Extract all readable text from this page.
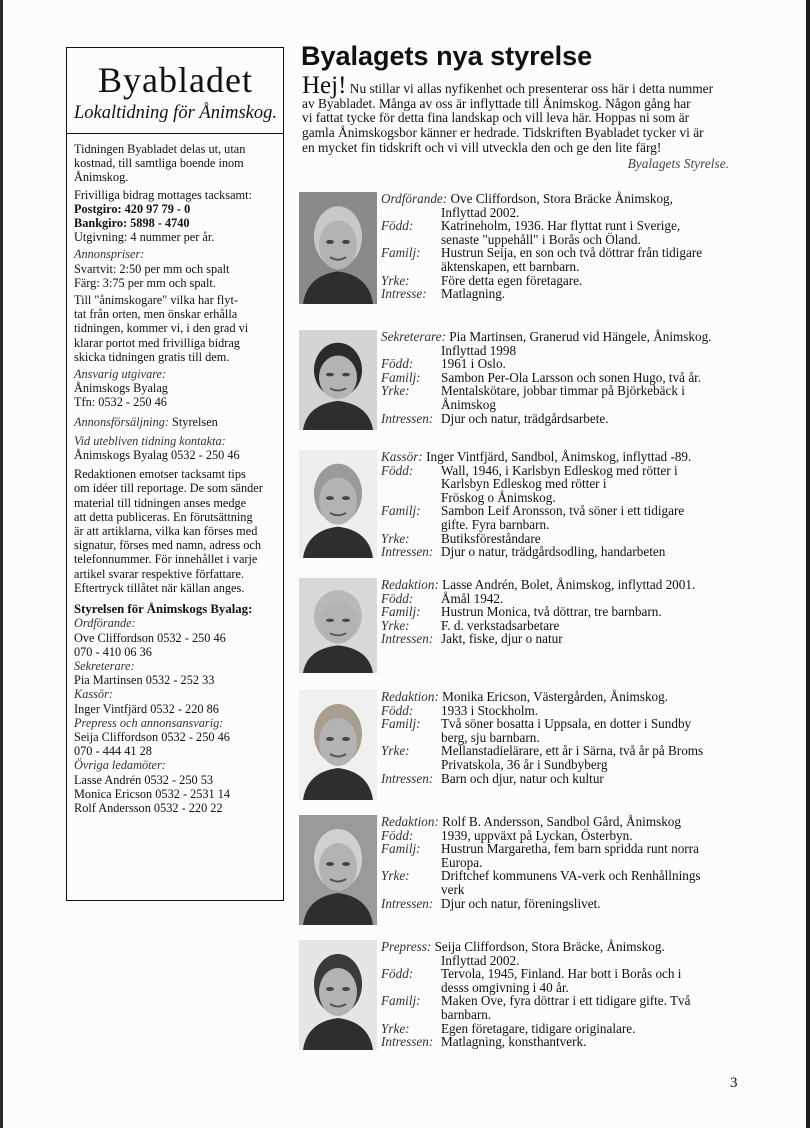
Byabladet
Lokaltidning för Ånimskog.

Tidningen Byabladet delas ut, utan
kostnad, till samtliga boende inom
Ånimskog.

Frivilliga bidrag mottages tacksamt:

Postgiro: 420 97 79 - 0

Bankgiro: 5898 - 4740

Utgivning: 4 nummer per år.

Annonspriser:

Svartvit: 2:50 per mm och spalt

Färg: 3:75 per mm och spalt.

Till "ånimskogare" vilka har flyt-
tat från orten, men önskar erhålla
tidningen, kommer vi, i den grad vi
klarar portot med frivilliga bidrag
skicka tidningen gratis till dem.

Ansvarig utgivare:

Ånimskogs Byalag

Tfn: 0532 - 250 46

Annonsförsäljning: Styrelsen

Vid utebliven tidning kontakta:

Ånimskogs Byalag 0532 - 250 46

Redaktionen emotser tacksamt tips
om idéer till reportage. De som sänder
material till tidningen anses medge
att detta publiceras. En förutsättning
är att artiklarna, vilka kan förses med
signatur, förses med namn, adress och
telefonnummer. För innehållet i varje
artikel svarar respektive författare.
Eftertryck tillåtet när källan anges.

Styrelsen för Ånimskogs Byalag:

Ordförande:

Ove Cliffordson 0532 - 250 46
070 - 410 06 36

Sekreterare:

Pia Martinsen 0532 - 252 33

Kassör:

Inger Vintfjärd 0532 - 220 86

Prepress och annonsansvarig:

Seija Cliffordson 0532 - 250 46
070 - 444 41 28

Övriga ledamöter:

Lasse Andrén 0532 - 250 53
Monica Ericson 0532 - 2531 14
Rolf Andersson 0532 - 220 22

Byalagets nya styrelse
Hej! Nu stillar vi allas nyfikenhet och presenterar oss här i detta nummer
av Byabladet. Många av oss är inflyttade till Ånimskog. Någon gång har
vi fattat tycke för detta fina landskap och vill leva här. Hoppas ni som är
gamla Ånimskogsbor känner er hedrade. Tidskriften Byabladet tycker vi är
en mycket fin tidskrift och vi vill utveckla den och ge den lite färg!
Byalagets Styrelse.
Ordförande: Ove Cliffordson, Stora Bräcke Ånimskog,
Inflyttad 2002.
Född:	Katrineholm, 1936. Har flyttat runt i Sverige,
senaste "uppehåll" i Borås och Öland.
Familj:	Hustrun Seija, en son och två döttrar från tidigare
äktenskapen, ett barnbarn.
Yrke:	Före detta egen företagare.
Intresse:	Matlagning.
Sekreterare: Pia Martinsen, Granerud vid Hängele, Ånimskog.
Inflyttad 1998
Född:	1961 i Oslo.
Familj:	Sambon Per-Ola Larsson och sonen Hugo, två år.
Yrke:	Mentalskötare, jobbar timmar på Björkebäck i
Ånimskog
Intressen: Djur och natur, trädgårdsarbete.
Kassör: Inger Vintfjärd, Sandbol, Ånimskog, inflyttad -89.
Född:	Wall, 1946, i Karlsbyn Edleskog med rötter i
Karlsbyn Edleskog med rötter i
Fröskog o Ånimskog.
Familj:	Sambon Leif Aronsson, två söner i ett tidigare
gifte. Fyra barnbarn.
Yrke:	Butiksföreståndare
Intressen: Djur o natur, trädgårdsodling, handarbeten
Redaktion: Lasse Andrén, Bolet, Ånimskog, inflyttad 2001.
Född:	Åmål 1942.
Familj:	Hustrun Monica, två döttrar, tre barnbarn.
Yrke:	F. d. verkstadsarbetare
Intressen: Jakt, fiske, djur o natur
Redaktion: Monika Ericson, Västergården, Ånimskog.
Född:	1933 i Stockholm.
Familj:	Två söner bosatta i Uppsala, en dotter i Sundby
berg, sju barnbarn.
Yrke:	Mellanstadielärare, ett år i Särna, två år på Broms
Privatskola, 36 år i Sundbyberg
Intressen: Barn och djur, natur och kultur
Redaktion: Rolf B. Andersson, Sandbol Gård, Ånimskog
Född:	1939, uppväxt på Lyckan, Österbyn.
Familj:	Hustrun Margaretha, fem barn spridda runt norra
Europa.
Yrke:	Driftchef kommunens VA-verk och Renhållnings
verk
Intressen: Djur och natur, föreningslivet.
Prepress: Seija Cliffordson, Stora Bräcke, Ånimskog.
Inflyttad 2002.
Född:	Tervola, 1945, Finland. Har bott i Borås och i
desss omgivning i 40 år.
Familj:	Maken Ove, fyra döttrar i ett tidigare gifte. Två
barnbarn.
Yrke:	Egen företagare, tidigare originalare.
Intressen: Matlagning, konsthantverk.
3
